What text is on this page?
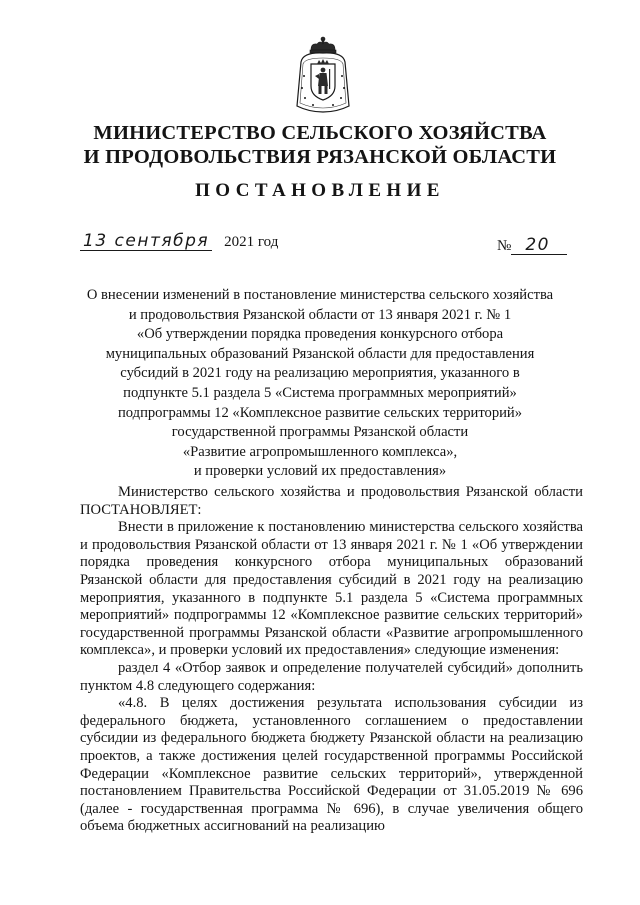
МИНИСТЕРСТВО СЕЛЬСКОГО ХОЗЯЙСТВА
И ПРОДОВОЛЬСТВИЯ РЯЗАНСКОЙ ОБЛАСТИ
ПОСТАНОВЛЕНИЕ
13 сентября 2021 год	№ 20
О внесении изменений в постановление министерства сельского хозяйства
и продовольствия Рязанской области от 13 января 2021 г. № 1
«Об утверждении порядка проведения конкурсного отбора
муниципальных образований Рязанской области для предоставления
субсидий в 2021 году на реализацию мероприятия, указанного в
подпункте 5.1 раздела 5 «Система программных мероприятий»
подпрограммы 12 «Комплексное развитие сельских территорий»
государственной программы Рязанской области
«Развитие агропромышленного комплекса»,
и проверки условий их предоставления»

Министерство сельского хозяйства и продовольствия Рязанской области ПОСТАНОВЛЯЕТ:

Внести в приложение к постановлению министерства сельского хозяйства и продовольствия Рязанской области от 13 января 2021 г. № 1 «Об утверждении порядка проведения конкурсного отбора муниципальных образований Рязанской области для предоставления субсидий в 2021 году на реализацию мероприятия, указанного в подпункте 5.1 раздела 5 «Система программных мероприятий» подпрограммы 12 «Комплексное развитие сельских территорий» государственной программы Рязанской области «Развитие агропромышленного комплекса», и проверки условий их предоставления» следующие изменения:

раздел 4 «Отбор заявок и определение получателей субсидий» дополнить пунктом 4.8 следующего содержания:

«4.8. В целях достижения результата использования субсидии из федерального бюджета, установленного соглашением о предоставлении субсидии из федерального бюджета бюджету Рязанской области на реализацию проектов, а также достижения целей государственной программы Российской Федерации «Комплексное развитие сельских территорий», утвержденной постановлением Правительства Российской Федерации от 31.05.2019 № 696 (далее - государственная программа № 696), в случае увеличения общего объема бюджетных ассигнований на реализацию
